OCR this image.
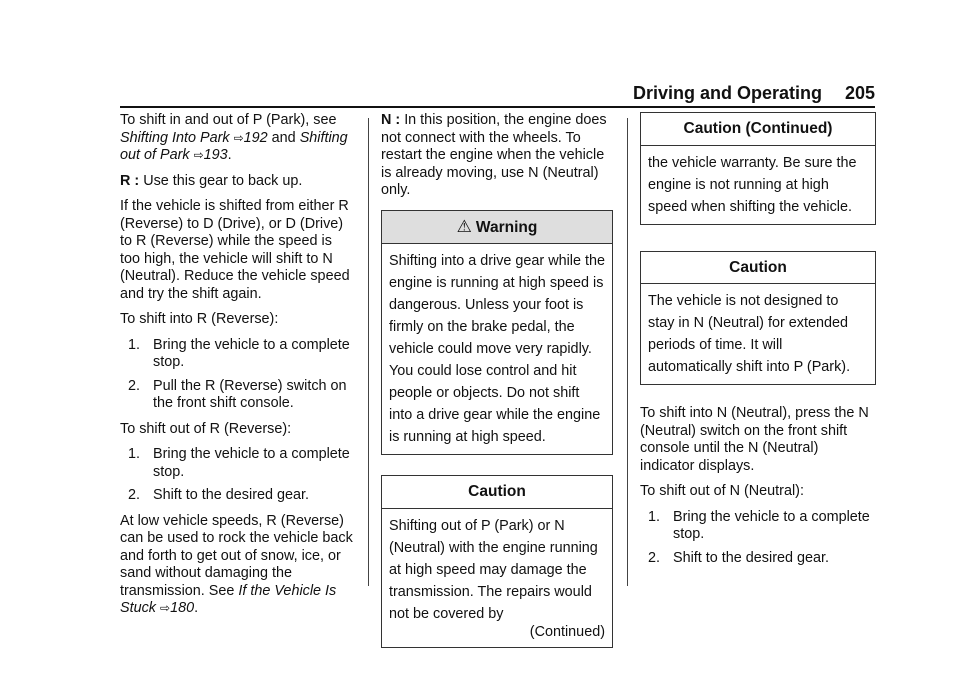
Driving and Operating 205

To shift in and out of P (Park), see Shifting Into Park ⇨192 and Shifting out of Park ⇨193.

R : Use this gear to back up.

If the vehicle is shifted from either R (Reverse) to D (Drive), or D (Drive) to R (Reverse) while the speed is too high, the vehicle will shift to N (Neutral). Reduce the vehicle speed and try the shift again.

To shift into R (Reverse):

1. Bring the vehicle to a complete stop.
2. Pull the R (Reverse) switch on the front shift console.

To shift out of R (Reverse):

1. Bring the vehicle to a complete stop.
2. Shift to the desired gear.

At low vehicle speeds, R (Reverse) can be used to rock the vehicle back and forth to get out of snow, ice, or sand without damaging the transmission. See If the Vehicle Is Stuck ⇨180.

N : In this position, the engine does not connect with the wheels. To restart the engine when the vehicle is already moving, use N (Neutral) only.

⚠ Warning
Shifting into a drive gear while the engine is running at high speed is dangerous. Unless your foot is firmly on the brake pedal, the vehicle could move very rapidly. You could lose control and hit people or objects. Do not shift into a drive gear while the engine is running at high speed.
Caution
Shifting out of P (Park) or N (Neutral) with the engine running at high speed may damage the transmission. The repairs would not be covered by
(Continued)
Caution (Continued)
the vehicle warranty. Be sure the engine is not running at high speed when shifting the vehicle.
Caution
The vehicle is not designed to stay in N (Neutral) for extended periods of time. It will automatically shift into P (Park).

To shift into N (Neutral), press the N (Neutral) switch on the front shift console until the N (Neutral) indicator displays.

To shift out of N (Neutral):

1. Bring the vehicle to a complete stop.
2. Shift to the desired gear.
